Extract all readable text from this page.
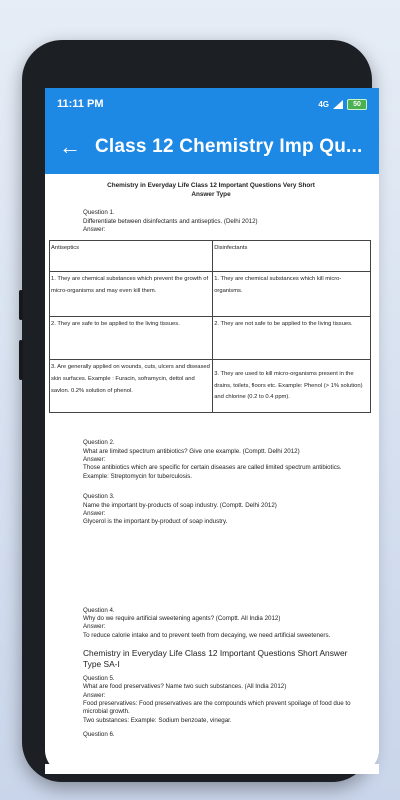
11:11 PM	4G	50
← Class 12 Chemistry Imp Qu...
Chemistry in Everyday Life Class 12 Important Questions Very Short Answer Type
Question 1.
Differentiate between disinfectants and antiseptics. (Delhi 2012)
Answer:
Antiseptics	Disinfectants
1. They are chemical substances which prevent the growth of micro-organisms and may even kill them.	1. They are chemical substances which kill micro-organisms.
2. They are safe to be applied to the living tissues.	2. They are not safe to be applied to the living tissues.
3. Are generally applied on wounds, cuts, ulcers and diseased skin surfaces. Example : Furacin, soframycin, dettol and savlon. 0.2% solution of phenol.	3. They are used to kill micro-organisms present in the drains, toilets, floors etc. Example: Phenol (> 1% solution) and chlorine (0.2 to 0.4 ppm).
Question 2.
What are limited spectrum antibiotics? Give one example. (Comptt. Delhi 2012)
Answer:
Those antibiotics which are specific for certain diseases are called limited spectrum antibiotics. Example: Streptomycin for tuberculosis.
Question 3.
Name the important by-products of soap industry. (Comptt. Delhi 2012)
Answer:
Glycerol is the important by-product of soap industry.
Question 4.
Why do we require artificial sweetening agents? (Comptt. All India 2012)
Answer:
To reduce calorie intake and to prevent teeth from decaying, we need artificial sweeteners.
Chemistry in Everyday Life Class 12 Important Questions Short Answer Type SA-I
Question 5.
What are food preservatives? Name two such substances. (All India 2012)
Answer:
Food preservatives: Food preservatives are the compounds which prevent spoilage of food due to microbial growth.
Two substances: Example: Sodium benzoate, vinegar.
Question 6.
